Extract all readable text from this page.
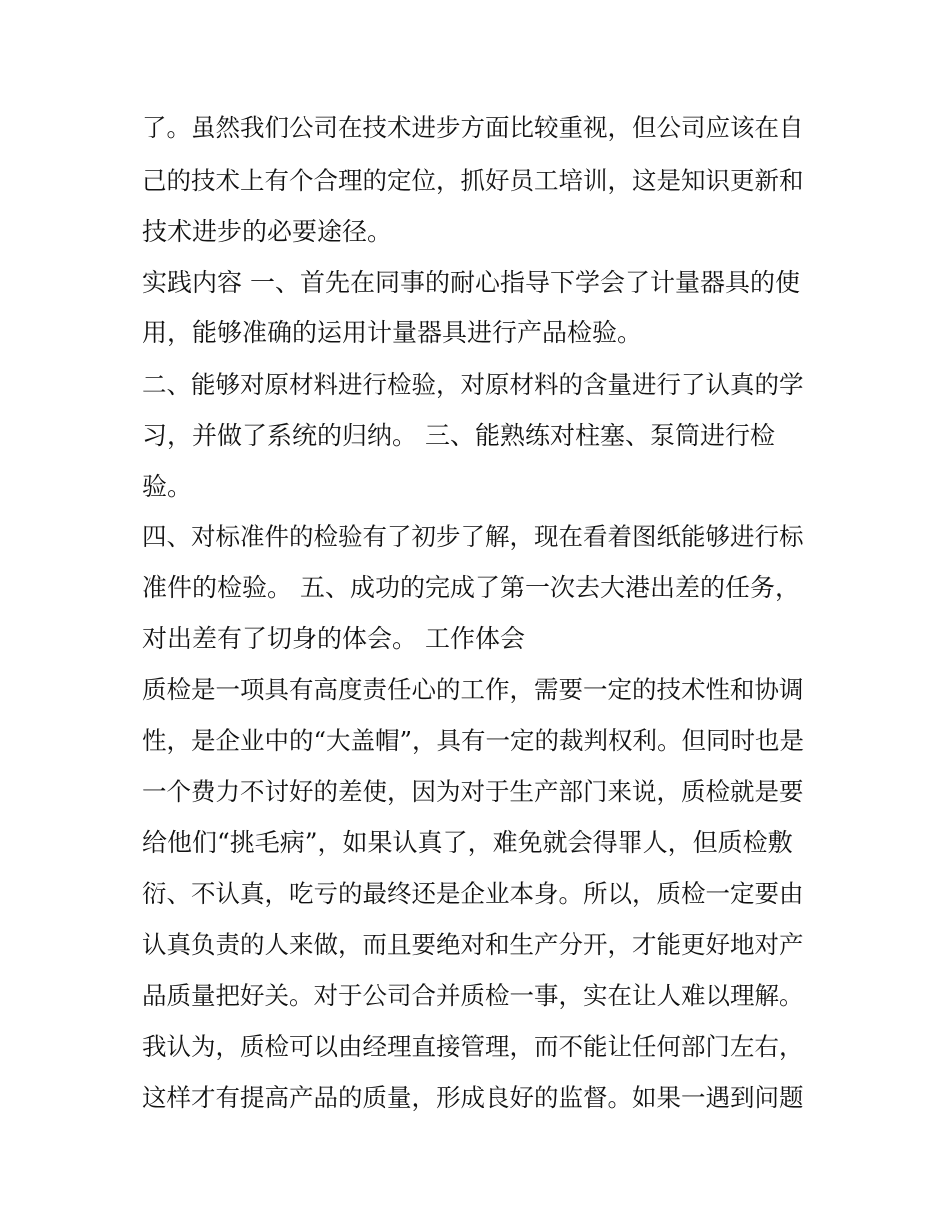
了。虽然我们公司在技术进步方面比较重视，但公司应该在自
己的技术上有个合理的定位，抓好员工培训，这是知识更新和
技术进步的必要途径。
实践内容 一、首先在同事的耐心指导下学会了计量器具的使
用，能够准确的运用计量器具进行产品检验。
二、能够对原材料进行检验，对原材料的含量进行了认真的学
习，并做了系统的归纳。 三、能熟练对柱塞、泵筒进行检
验。
四、对标准件的检验有了初步了解，现在看着图纸能够进行标
准件的检验。 五、成功的完成了第一次去大港出差的任务，
对出差有了切身的体会。 工作体会
质检是一项具有高度责任心的工作，需要一定的技术性和协调
性，是企业中的“大盖帽”，具有一定的裁判权利。但同时也是
一个费力不讨好的差使，因为对于生产部门来说，质检就是要
给他们“挑毛病”，如果认真了，难免就会得罪人，但质检敷
衍、不认真，吃亏的最终还是企业本身。所以，质检一定要由
认真负责的人来做，而且要绝对和生产分开，才能更好地对产
品质量把好关。对于公司合并质检一事，实在让人难以理解。
我认为，质检可以由经理直接管理，而不能让任何部门左右，
这样才有提高产品的质量，形成良好的监督。如果一遇到问题
